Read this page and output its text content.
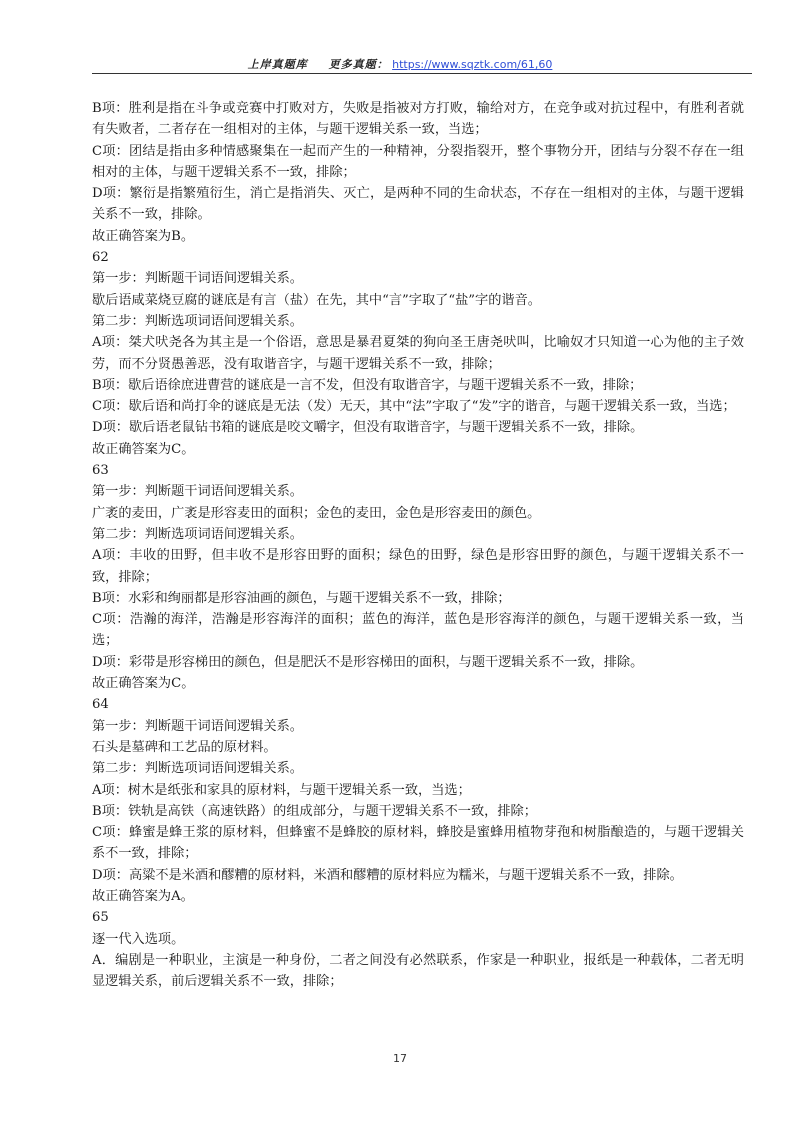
上岸真题库 更多真题： https://www.sqztk.com/61,60

B项：胜利是指在斗争或竞赛中打败对方，失败是指被对方打败，输给对方，在竞争或对抗过程中，有胜利者就有失败者，二者存在一组相对的主体，与题干逻辑关系一致，当选；

C项：团结是指由多种情感聚集在一起而产生的一种精神，分裂指裂开，整个事物分开，团结与分裂不存在一组相对的主体，与题干逻辑关系不一致，排除；

D项：繁衍是指繁殖衍生，消亡是指消失、灭亡，是两种不同的生命状态，不存在一组相对的主体，与题干逻辑关系不一致，排除。

故正确答案为B。

62

第一步：判断题干词语间逻辑关系。

歇后语咸菜烧豆腐的谜底是有言（盐）在先，其中“言”字取了“盐”字的谐音。

第二步：判断选项词语间逻辑关系。

A项：桀犬吠尧各为其主是一个俗语，意思是暴君夏桀的狗向圣王唐尧吠叫，比喻奴才只知道一心为他的主子效劳，而不分贤愚善恶，没有取谐音字，与题干逻辑关系不一致，排除；

B项：歇后语徐庶进曹营的谜底是一言不发，但没有取谐音字，与题干逻辑关系不一致，排除；

C项：歇后语和尚打伞的谜底是无法（发）无天，其中“法”字取了“发”字的谐音，与题干逻辑关系一致，当选；

D项：歇后语老鼠钻书箱的谜底是咬文嚼字，但没有取谐音字，与题干逻辑关系不一致，排除。

故正确答案为C。

63

第一步：判断题干词语间逻辑关系。

广袤的麦田，广袤是形容麦田的面积；金色的麦田，金色是形容麦田的颜色。

第二步：判断选项词语间逻辑关系。

A项：丰收的田野，但丰收不是形容田野的面积；绿色的田野，绿色是形容田野的颜色，与题干逻辑关系不一致，排除；

B项：水彩和绚丽都是形容油画的颜色，与题干逻辑关系不一致，排除；

C项：浩瀚的海洋，浩瀚是形容海洋的面积；蓝色的海洋，蓝色是形容海洋的颜色，与题干逻辑关系一致，当选；

D项：彩带是形容梯田的颜色，但是肥沃不是形容梯田的面积，与题干逻辑关系不一致，排除。

故正确答案为C。

64

第一步：判断题干词语间逻辑关系。

石头是墓碑和工艺品的原材料。

第二步：判断选项词语间逻辑关系。

A项：树木是纸张和家具的原材料，与题干逻辑关系一致，当选；

B项：铁轨是高铁（高速铁路）的组成部分，与题干逻辑关系不一致，排除；

C项：蜂蜜是蜂王浆的原材料，但蜂蜜不是蜂胶的原材料，蜂胶是蜜蜂用植物芽孢和树脂酿造的，与题干逻辑关系不一致，排除；

D项：高粱不是米酒和醪糟的原材料，米酒和醪糟的原材料应为糯米，与题干逻辑关系不一致，排除。

故正确答案为A。

65

逐一代入选项。

A．编剧是一种职业，主演是一种身份，二者之间没有必然联系，作家是一种职业，报纸是一种载体，二者无明显逻辑关系，前后逻辑关系不一致，排除；

17
